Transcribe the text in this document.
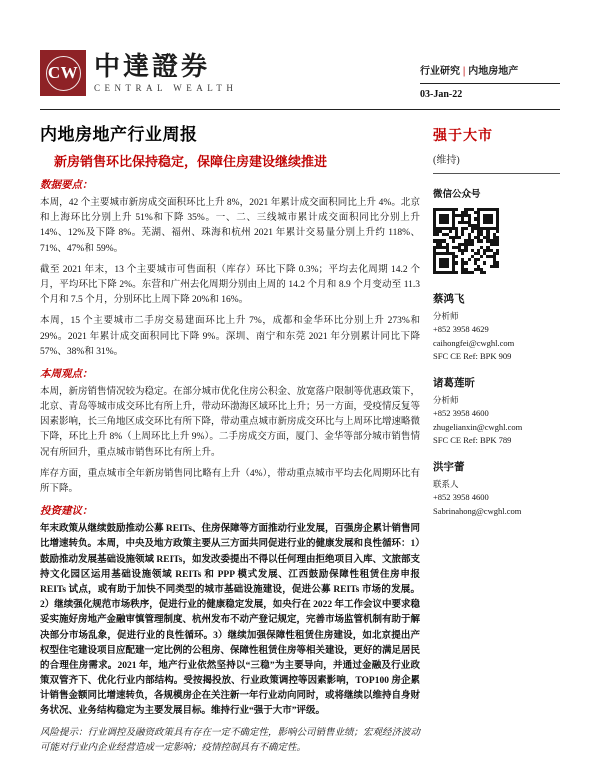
CW 中達證券
CENTRAL WEALTH
行业研究 | 内地房地产
03-Jan-22
内地房地产行业周报
新房销售环比保持稳定，保障住房建设继续推进
数据要点：

本周，42 个主要城市新房成交面积环比上升 8%，2021 年累计成交面积同比上升 4%。北京和上海环比分别上升 51%和下降 35%。一、二、三线城市累计成交面积同比分别上升 14%、12%及下降 8%。芜湖、福州、珠海和杭州 2021 年累计交易量分别上升约 118%、71%、47%和 59%。

截至 2021 年末，13 个主要城市可售面积（库存）环比下降 0.3%；平均去化周期 14.2 个月，平均环比下降 2%。东营和广州去化周期分别由上周的 14.2 个月和 8.9 个月变动至 11.3 个月和 7.5 个月，分别环比上周下降 20%和 16%。

本周，15 个主要城市二手房交易建面环比上升 7%，成都和金华环比分别上升 273%和 29%。2021 年累计成交面积同比下降 9%。深圳、南宁和东莞 2021 年分别累计同比下降 57%、38%和 31%。

本周观点：

本周，新房销售情况较为稳定。在部分城市优化住房公积金、放宽落户限制等优惠政策下，北京、青岛等城市成交环比有所上升，带动环渤海区域环比上升；另一方面，受疫情反复等因素影响，长三角地区成交环比有所下降，带动重点城市新房成交环比与上周环比增速略微下降，环比上升 8%（上周环比上升 9%）。二手房成交方面，厦门、金华等部分城市销售情况有所回升，重点城市销售环比有所上升。

库存方面，重点城市全年新房销售同比略有上升（4%），带动重点城市平均去化周期环比有所下降。

投资建议：

年末政策从继续鼓励推动公募 REITs、住房保障等方面推动行业发展，百强房企累计销售同比增速转负。本周，中央及地方政策主要从三方面共同促进行业的健康发展和良性循环：1）鼓励推动发展基础设施领域 REITs，如发改委提出不得以任何理由拒绝项目入库、文旅部支持文化园区运用基础设施领域 REITs 和 PPP 模式发展、江西鼓励保障性租赁住房申报 REITs 试点，或有助于加快不同类型的城市基础设施建设，促进公募 REITs 市场的发展。2）继续强化规范市场秩序，促进行业的健康稳定发展，如央行在 2022 年工作会议中要求稳妥实施好房地产金融审慎管理制度、杭州发布不动产登记规定，完善市场监管机制有助于解决部分市场乱象，促进行业的良性循环。3）继续加强保障性租赁住房建设，如北京提出产权型住宅建设项目应配建一定比例的公租房、保障性租赁住房等相关建设，更好的满足居民的合理住房需求。2021 年，地产行业依然坚持以“三稳”为主要导向，并通过金融及行业政策双管齐下、优化行业内部结构。受按揭投放、行业政策调控等因素影响，TOP100 房企累计销售金额同比增速转负，各规模房企在关注新一年行业动向同时，或将继续以维持自身财务状况、业务结构稳定为主要发展目标。维持行业“强于大市”评级。

风险提示：行业调控及融资政策具有存在一定不确定性，影响公司销售业绩；宏观经济波动可能对行业内企业经营造成一定影响；疫情控制具有不确定性。

强于大市
(维持)
微信公众号
蔡鸿飞
分析师
+852 3958 4629
caihongfei@cwghl.com
SFC CE Ref: BPK 909
诸葛莲昕
分析师
+852 3958 4600
zhugelianxin@cwghl.com
SFC CE Ref: BPK 789
洪宇蕾
联系人
+852 3958 4600
Sabrinahong@cwghl.com
